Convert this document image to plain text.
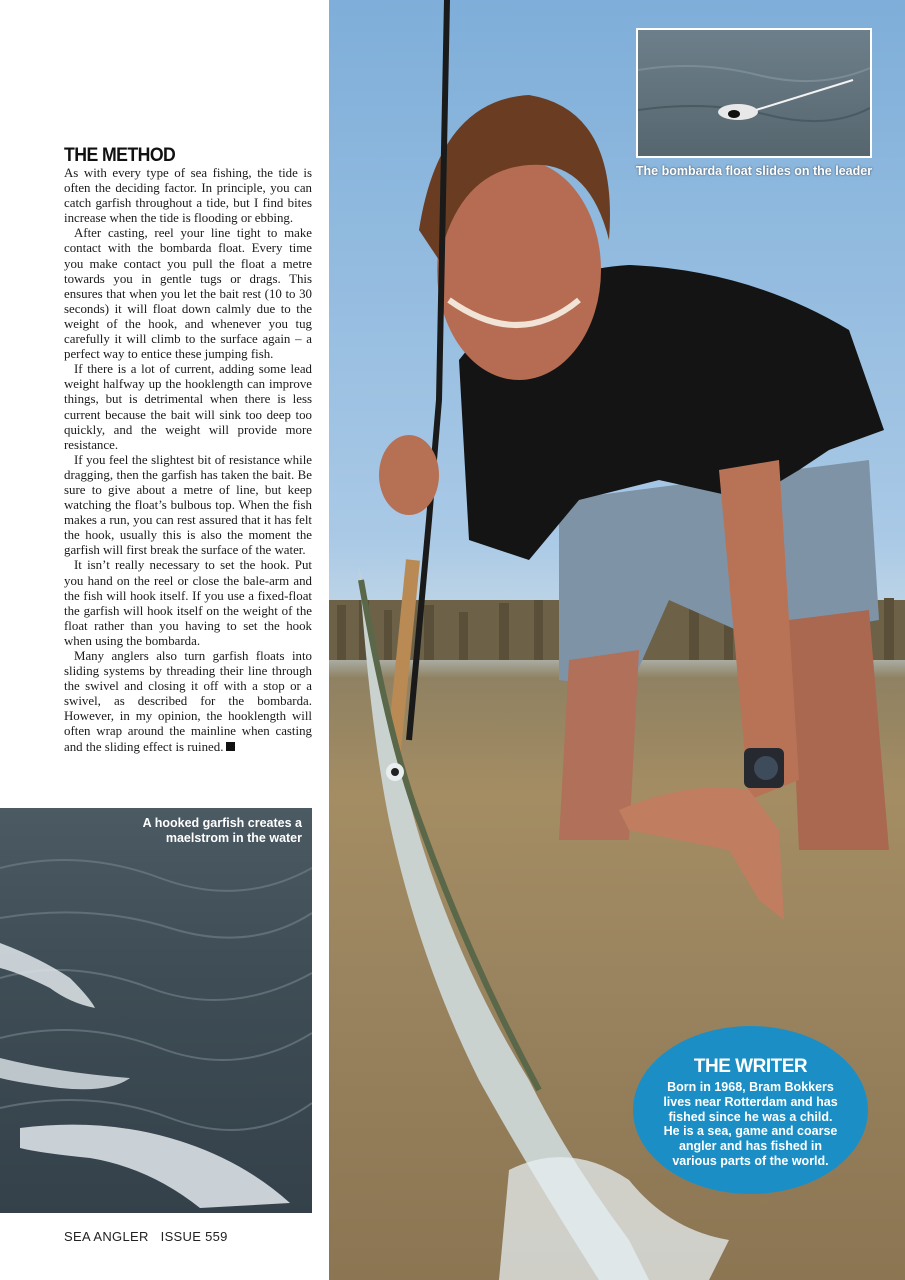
The bombarda float slides on the leader
THE METHOD

As with every type of sea fishing, the tide is often the deciding factor. In principle, you can catch garfish throughout a tide, but I find bites increase when the tide is flooding or ebbing.

After casting, reel your line tight to make contact with the bombarda float. Every time you make contact you pull the float a metre towards you in gentle tugs or drags. This ensures that when you let the bait rest (10 to 30 seconds) it will float down calmly due to the weight of the hook, and whenever you tug carefully it will climb to the surface again – a perfect way to entice these jumping fish.

If there is a lot of current, adding some lead weight halfway up the hooklength can improve things, but is detrimental when there is less current because the bait will sink too deep too quickly, and the weight will provide more resistance.

If you feel the slightest bit of resistance while dragging, then the garfish has taken the bait. Be sure to give about a metre of line, but keep watching the float’s bulbous top. When the fish makes a run, you can rest assured that it has felt the hook, usually this is also the moment the garfish will first break the surface of the water.

It isn’t really necessary to set the hook. Put you hand on the reel or close the bale-arm and the fish will hook itself. If you use a fixed-float the garfish will hook itself on the weight of the float rather than you having to set the hook when using the bombarda.

Many anglers also turn garfish floats into sliding systems by threading their line through the swivel and closing it off with a stop or a swivel, as described for the bombarda. However, in my opinion, the hooklength will often wrap around the mainline when casting and the sliding effect is ruined.

A hooked garfish creates a maelstrom in the water
THE WRITER

Born in 1968, Bram Bokkers lives near Rotterdam and has fished since he was a child. He is a sea, game and coarse angler and has fished in various parts of the world.

SEA ANGLER ISSUE 559
